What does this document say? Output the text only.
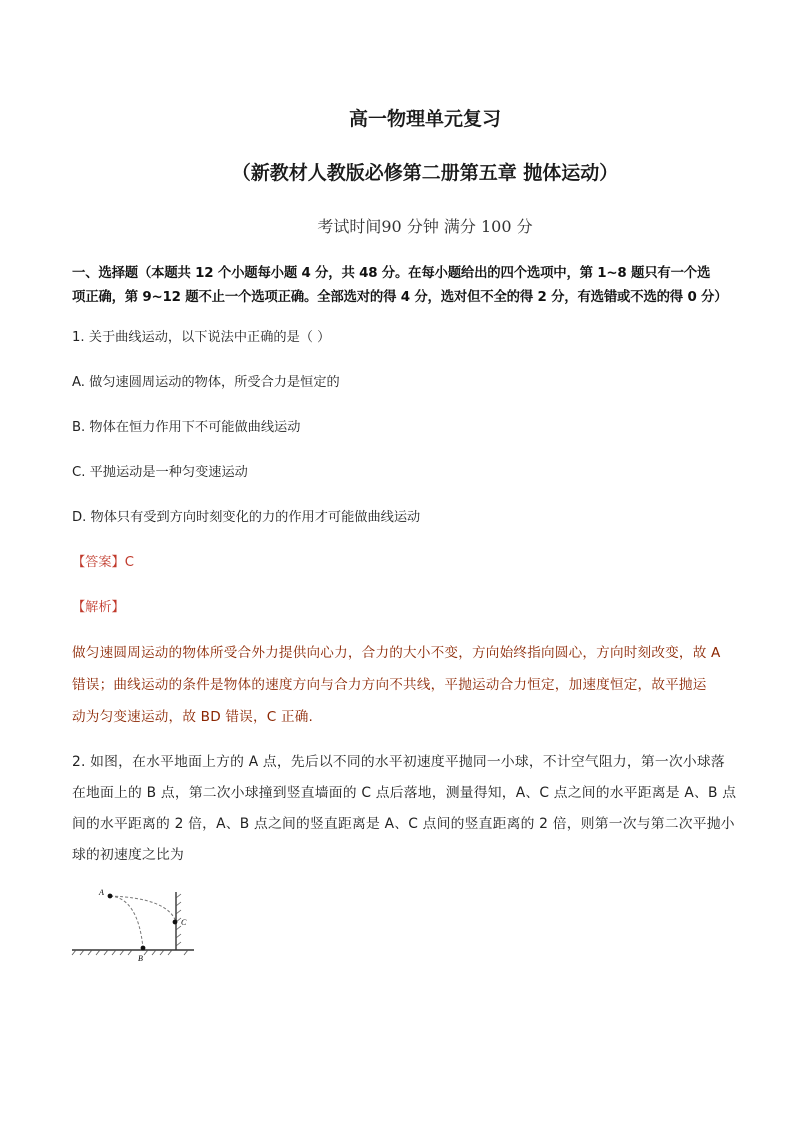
高一物理单元复习
（新教材人教版必修第二册第五章 抛体运动）
考试时间90 分钟 满分 100 分
一、选择题（本题共 12 个小题每小题 4 分，共 48 分。在每小题给出的四个选项中，第 1~8 题只有一个选
项正确，第 9~12 题不止一个选项正确。全部选对的得 4 分，选对但不全的得 2 分，有选错或不选的得 0 分）
1. 关于曲线运动，以下说法中正确的是（ ）
A. 做匀速圆周运动的物体，所受合力是恒定的
B. 物体在恒力作用下不可能做曲线运动
C. 平抛运动是一种匀变速运动
D. 物体只有受到方向时刻变化的力的作用才可能做曲线运动
【答案】C
【解析】
做匀速圆周运动的物体所受合外力提供向心力，合力的大小不变，方向始终指向圆心，方向时刻改变，故 A
错误；曲线运动的条件是物体的速度方向与合力方向不共线，平抛运动合力恒定，加速度恒定，故平抛运
动为匀变速运动，故 BD 错误，C 正确.
2. 如图，在水平地面上方的 A 点，先后以不同的水平初速度平抛同一小球，不计空气阻力，第一次小球落
在地面上的 B 点，第二次小球撞到竖直墙面的 C 点后落地，测量得知，A、C 点之间的水平距离是 A、B 点
间的水平距离的 2 倍，A、B 点之间的竖直距离是 A、C 点间的竖直距离的 2 倍，则第一次与第二次平抛小
球的初速度之比为
A
B
C
